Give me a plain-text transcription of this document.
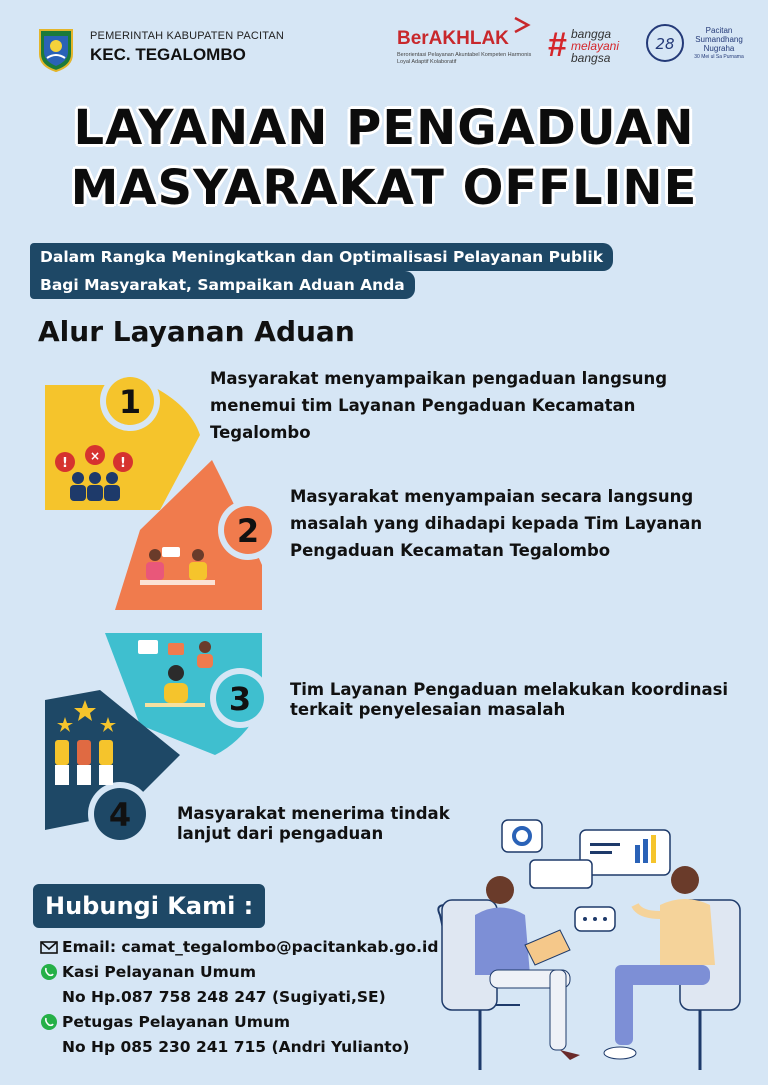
PEMERINTAH KABUPATEN PACITAN
KEC. TEGALOMBO
BerAKHLAK
Berorientasi Pelayanan Akuntabel Kompeten Harmonis Loyal Adaptif Kolaboratif	# bangga
melayani
bangsa
28
Pacitan
Sumandhang
Nugraha
30 Mei ul Sa Purnama
LAYANAN PENGADUAN
MASYARAKAT OFFLINE
Dalam Rangka Meningkatkan dan Optimalisasi Pelayanan Publik
Bagi Masyarakat, Sampaikan Aduan Anda
Alur Layanan Aduan
1
2
3
4
! × !
Masyarakat menyampaikan pengaduan langsung menemui tim Layanan Pengaduan Kecamatan Tegalombo
Masyarakat menyampaian secara langsung masalah yang dihadapi kepada Tim Layanan Pengaduan Kecamatan Tegalombo
Tim Layanan Pengaduan melakukan koordinasi terkait penyelesaian masalah
Masyarakat menerima tindak lanjut dari pengaduan
Hubungi Kami :
Email: camat_tegalombo@pacitankab.go.id
Kasi Pelayanan Umum
No Hp.087 758 248 247 (Sugiyati,SE)
Petugas Pelayanan Umum
No Hp 085 230 241 715 (Andri Yulianto)
